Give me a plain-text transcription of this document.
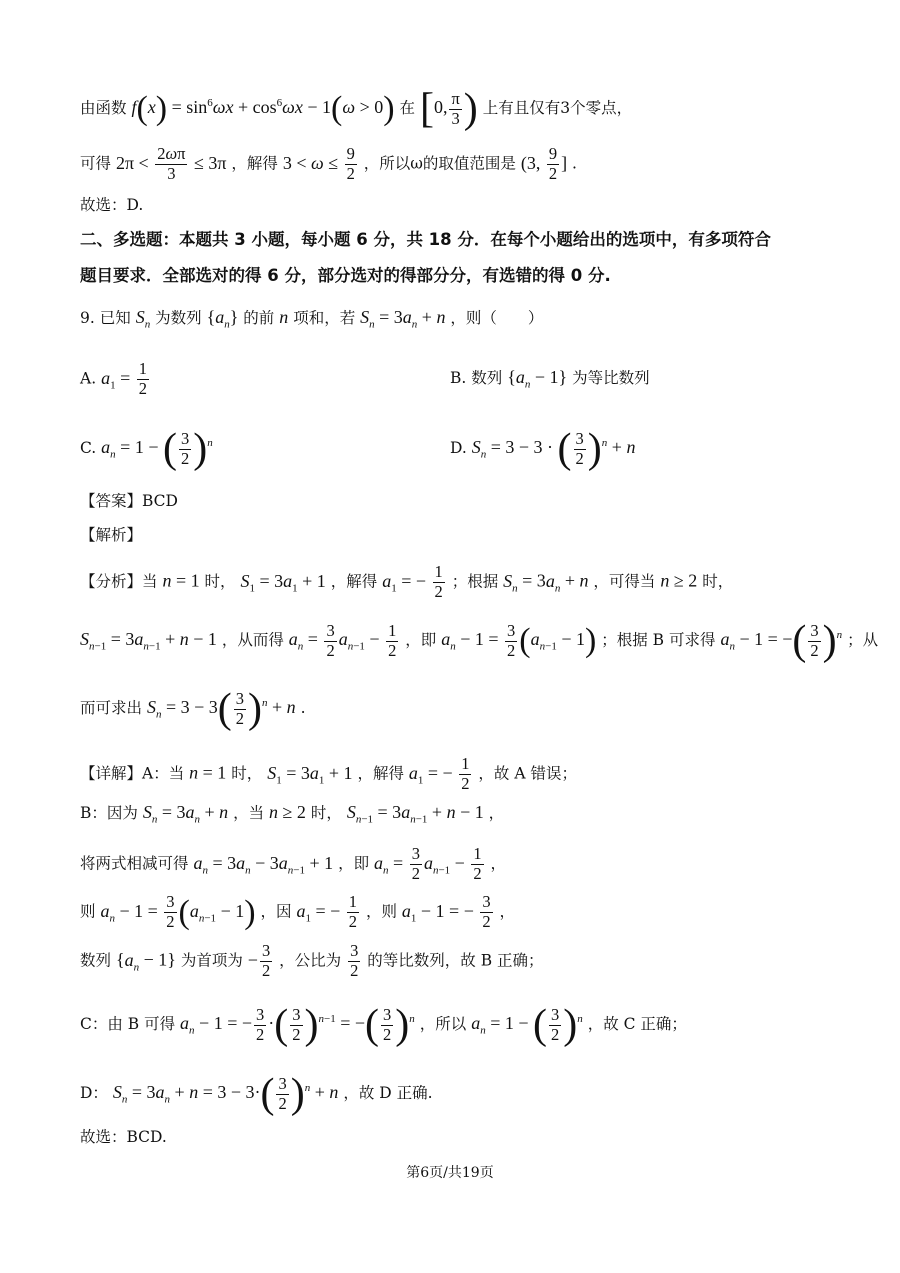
由函数 $f(x) = \sin^6\omega x + \cos^6\omega x - 1(\omega > 0)$ 在 [0, $\frac{\pi}{3}$ ) 上有且仅有3个零点，
可得 $2\pi < \frac{2\omega\pi}{3} \le 3\pi$ ，解得 $3 < \omega \le \frac{9}{2}$ ，所以ω的取值范围是 (3, $\frac{9}{2}$ ] .
故选：D.
二、多选题：本题共 3 小题，每小题 6 分，共 18 分．在每个小题给出的选项中，有多项符合
题目要求．全部选对的得 6 分，部分选对的得部分分，有选错的得 0 分.
9. 已知 $S_n$ 为数列 $\{a_n\}$ 的前 n 项和，若 $S_n = 3a_n + n$ ，则（　　）
A. $a_1 = \frac{1}{2}$	B. 数列 $\{a_n - 1\}$ 为等比数列
C. $a_n = 1$ − ( $\frac{3}{2} )^n$	D. $S_n = 3 - 3$ · ( $\frac{3}{2} )^n + n$
【答案】BCD
【解析】
【分析】当 n = 1 时， $S_1 = 3a_1 + 1$ ，解得 $a_1$ = − $\frac{1}{2}$ ；根据 $S_n = 3a_n + n$ ，可得当 n ≥ 2 时，
$S_{n-1} = 3a_{n-1} + n - 1$ ，从而得 $a_n = \frac{3}{2} a_{n-1} - \frac{1}{2}$ ，即 $a_n - 1 = \frac{3}{2} (a_{n-1} - 1)$ ；根据 B 可求得 $a_n - 1$ = −( $\frac{3}{2} )^n$ ；从
而可求出 $S_n = 3 - 3( \frac{3}{2} )^n + n$ .
【详解】A：当 n = 1 时， $S_1 = 3a_1 + 1$ ，解得 $a_1$ = − $\frac{1}{2}$ ，故 A 错误；
B：因为 $S_n = 3a_n + n$ ，当 n ≥ 2 时， $S_{n-1} = 3a_{n-1} + n - 1$ ，
将两式相减可得 $a_n = 3a_n - 3a_{n-1} + 1$ ，即 $a_n = \frac{3}{2} a_{n-1} - \frac{1}{2}$ ，
则 $a_n - 1 = \frac{3}{2} (a_{n-1} - 1)$ ，因 $a_1$ = − $\frac{1}{2}$ ，则 $a_1 - 1$ = − $\frac{3}{2}$ ，
数列 $\{a_n - 1\}$ 为首项为 − $\frac{3}{2}$ ，公比为 $\frac{3}{2}$ 的等比数列，故 B 正确；
C：由 B 可得 $a_n - 1$ = − $\frac{3}{2}$ ·( $\frac{3}{2} )^{n-1}$ = −( $\frac{3}{2} )^n$ ，所以 $a_n = 1$ − ( $\frac{3}{2} )^n$ ，故 C 正确；
D： $S_n = 3a_n + n = 3 - 3\cdot( \frac{3}{2} )^n + n$ ，故 D 正确.
故选：BCD.
第6页/共19页
